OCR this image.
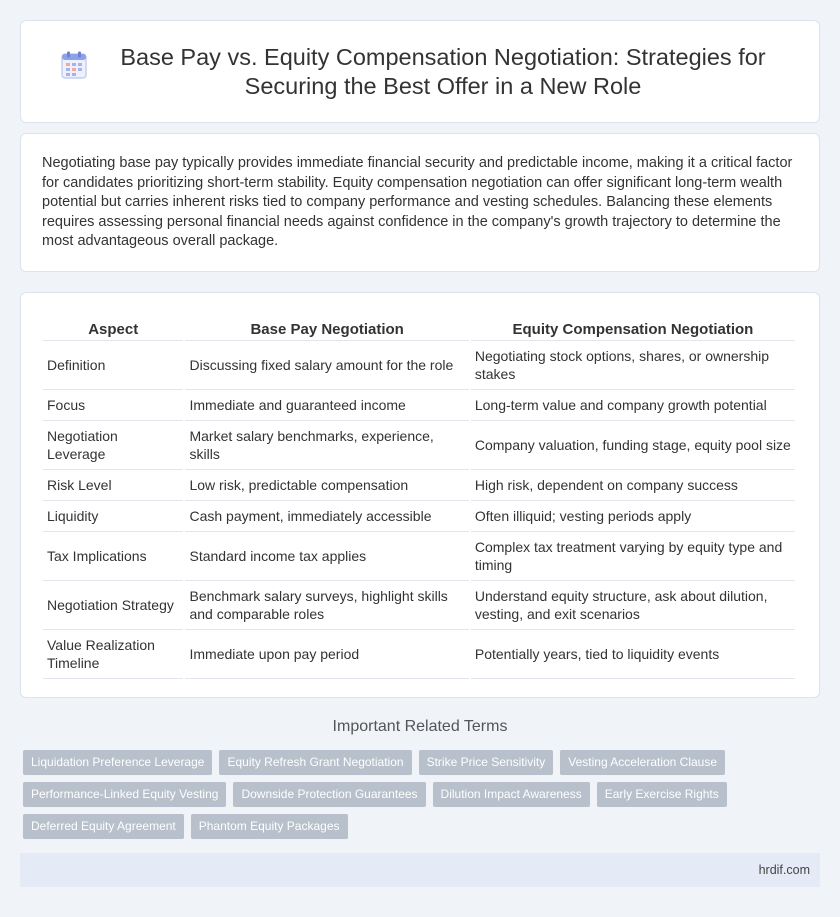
Base Pay vs. Equity Compensation Negotiation: Strategies for Securing the Best Offer in a New Role

Negotiating base pay typically provides immediate financial security and predictable income, making it a critical factor for candidates prioritizing short-term stability. Equity compensation negotiation can offer significant long-term wealth potential but carries inherent risks tied to company performance and vesting schedules. Balancing these elements requires assessing personal financial needs against confidence in the company's growth trajectory to determine the most advantageous overall package.

Aspect	Base Pay Negotiation	Equity Compensation Negotiation
Definition	Discussing fixed salary amount for the role	Negotiating stock options, shares, or ownership stakes
Focus	Immediate and guaranteed income	Long-term value and company growth potential
Negotiation Leverage	Market salary benchmarks, experience, skills	Company valuation, funding stage, equity pool size
Risk Level	Low risk, predictable compensation	High risk, dependent on company success
Liquidity	Cash payment, immediately accessible	Often illiquid; vesting periods apply
Tax Implications	Standard income tax applies	Complex tax treatment varying by equity type and timing
Negotiation Strategy	Benchmark salary surveys, highlight skills and comparable roles	Understand equity structure, ask about dilution, vesting, and exit scenarios
Value Realization Timeline	Immediate upon pay period	Potentially years, tied to liquidity events
Important Related Terms
Liquidation Preference Leverage	Equity Refresh Grant Negotiation	Strike Price Sensitivity	Vesting Acceleration Clause
Performance-Linked Equity Vesting	Downside Protection Guarantees	Dilution Impact Awareness	Early Exercise Rights
Deferred Equity Agreement	Phantom Equity Packages
hrdif.com
